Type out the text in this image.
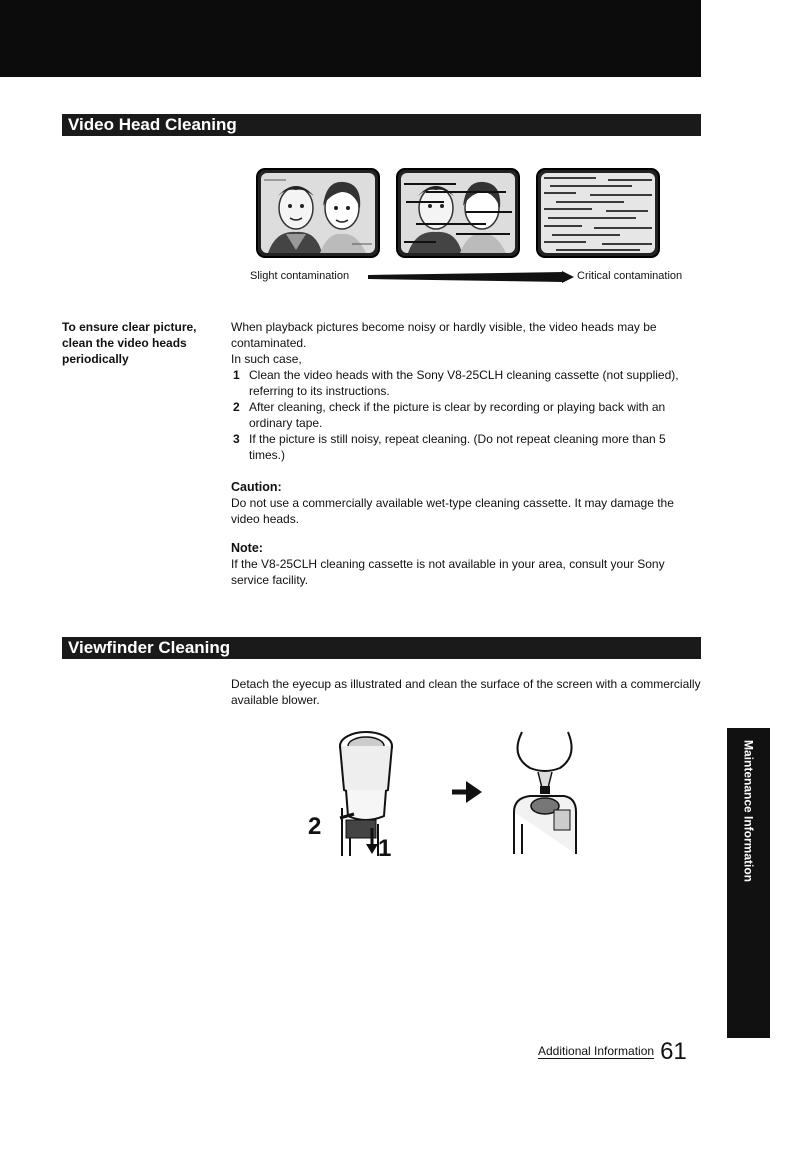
Video Head Cleaning
Slight contamination	Critical contamination
To ensure clear picture, clean the video heads periodically

When playback pictures become noisy or hardly visible, the video heads may be contaminated.

In such case,

1 Clean the video heads with the Sony V8-25CLH cleaning cassette (not supplied), referring to its instructions.
2 After cleaning, check if the picture is clear by recording or playing back with an ordinary tape.
3 If the picture is still noisy, repeat cleaning. (Do not repeat cleaning more than 5 times.)

Caution:

Do not use a commercially available wet-type cleaning cassette. It may damage the video heads.

Note:

If the V8-25CLH cleaning cassette is not available in your area, consult your Sony service facility.

Viewfinder Cleaning

Detach the eyecup as illustrated and clean the surface of the screen with a commercially available blower.

2
1	Maintenance Information
Additional Information 61
